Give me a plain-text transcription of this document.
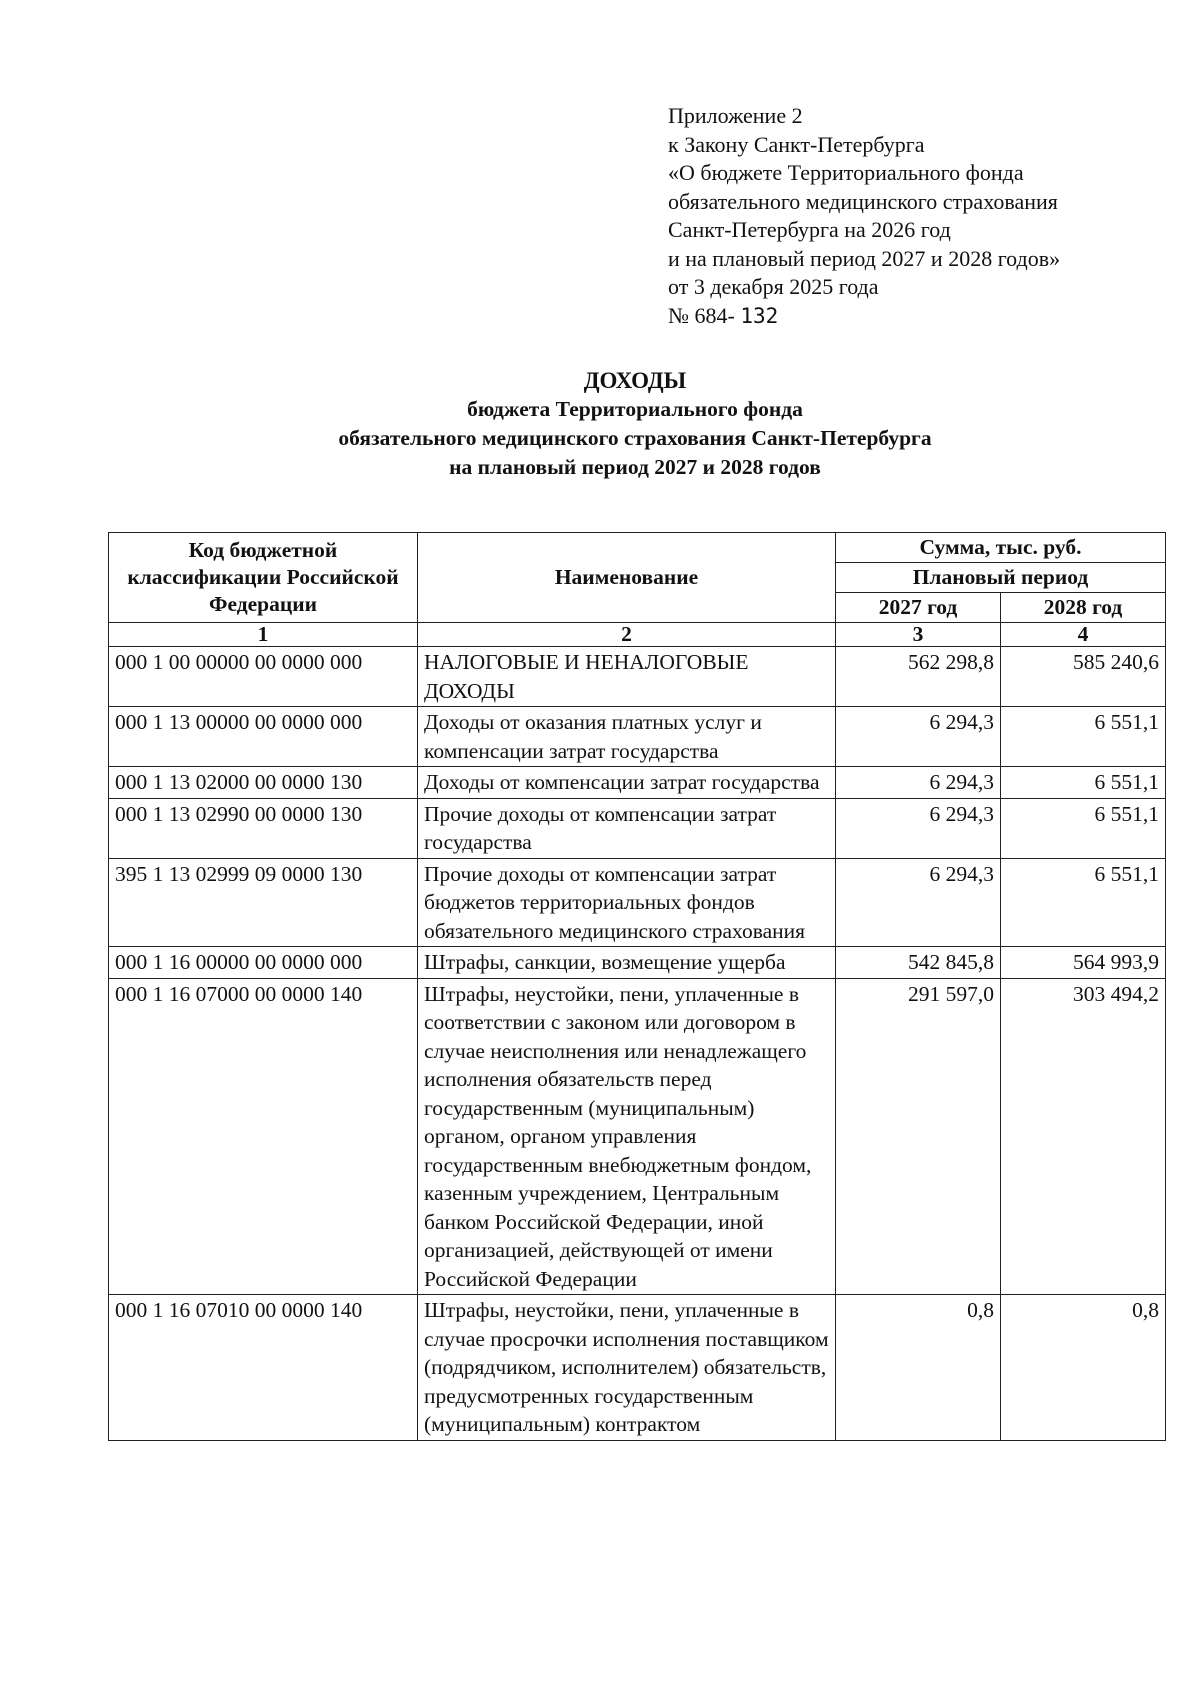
Приложение 2
к Закону Санкт-Петербурга
«О бюджете Территориального фонда
обязательного медицинского страхования
Санкт-Петербурга на 2026 год
и на плановый период 2027 и 2028 годов»
от 3 декабря 2025 года
№ 684- 132
ДОХОДЫ
бюджета Территориального фонда
обязательного медицинского страхования Санкт-Петербурга
на плановый период 2027 и 2028 годов
Код бюджетной классификации Российской Федерации	Наименование	Сумма, тыс. руб.	
		Плановый период	
		2027 год	2028 год
1	2	3	4
000 1 00 00000 00 0000 000	НАЛОГОВЫЕ И НЕНАЛОГОВЫЕ ДОХОДЫ	562 298,8	585 240,6
000 1 13 00000 00 0000 000	Доходы от оказания платных услуг и компенсации затрат государства	6 294,3	6 551,1
000 1 13 02000 00 0000 130	Доходы от компенсации затрат государства	6 294,3	6 551,1
000 1 13 02990 00 0000 130	Прочие доходы от компенсации затрат государства	6 294,3	6 551,1
395 1 13 02999 09 0000 130	Прочие доходы от компенсации затрат бюджетов территориальных фондов обязательного медицинского страхования	6 294,3	6 551,1
000 1 16 00000 00 0000 000	Штрафы, санкции, возмещение ущерба	542 845,8	564 993,9
000 1 16 07000 00 0000 140	Штрафы, неустойки, пени, уплаченные в соответствии с законом или договором в случае неисполнения или ненадлежащего исполнения обязательств перед государственным (муниципальным) органом, органом управления государственным внебюджетным фондом, казенным учреждением, Центральным банком Российской Федерации, иной организацией, действующей от имени Российской Федерации	291 597,0	303 494,2
000 1 16 07010 00 0000 140	Штрафы, неустойки, пени, уплаченные в случае просрочки исполнения поставщиком (подрядчиком, исполнителем) обязательств, предусмотренных государственным (муниципальным) контрактом	0,8	0,8
